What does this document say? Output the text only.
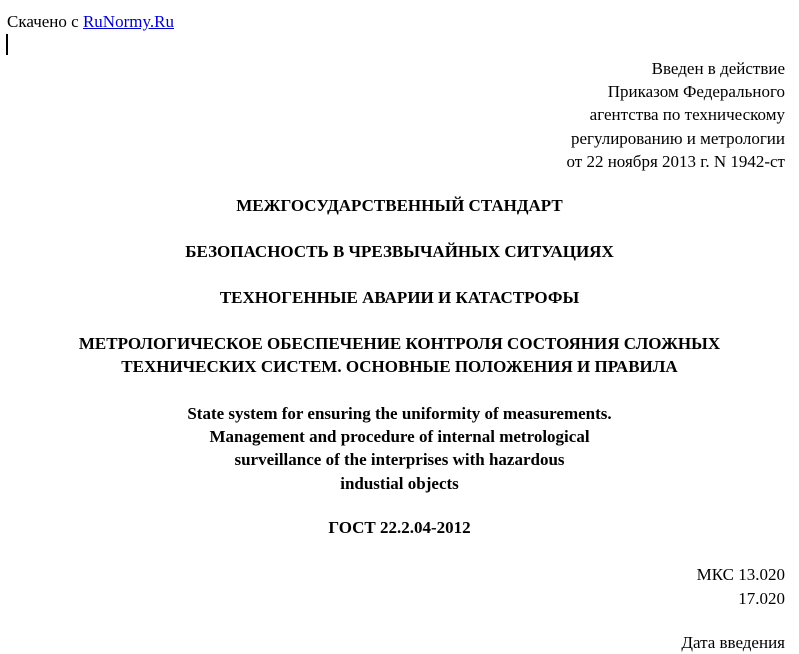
Скачено с RuNormy.Ru
Введен в действие
Приказом Федерального
агентства по техническому
регулированию и метрологии
от 22 ноября 2013 г. N 1942-ст
МЕЖГОСУДАРСТВЕННЫЙ СТАНДАРТ
БЕЗОПАСНОСТЬ В ЧРЕЗВЫЧАЙНЫХ СИТУАЦИЯХ
ТЕХНОГЕННЫЕ АВАРИИ И КАТАСТРОФЫ
МЕТРОЛОГИЧЕСКОЕ ОБЕСПЕЧЕНИЕ КОНТРОЛЯ СОСТОЯНИЯ СЛОЖНЫХ
ТЕХНИЧЕСКИХ СИСТЕМ. ОСНОВНЫЕ ПОЛОЖЕНИЯ И ПРАВИЛА
State system for ensuring the uniformity of measurements.
Management and procedure of internal metrological
surveillance of the interprises with hazardous
industial objects
ГОСТ 22.2.04-2012
МКС 13.020
17.020
Дата введения
